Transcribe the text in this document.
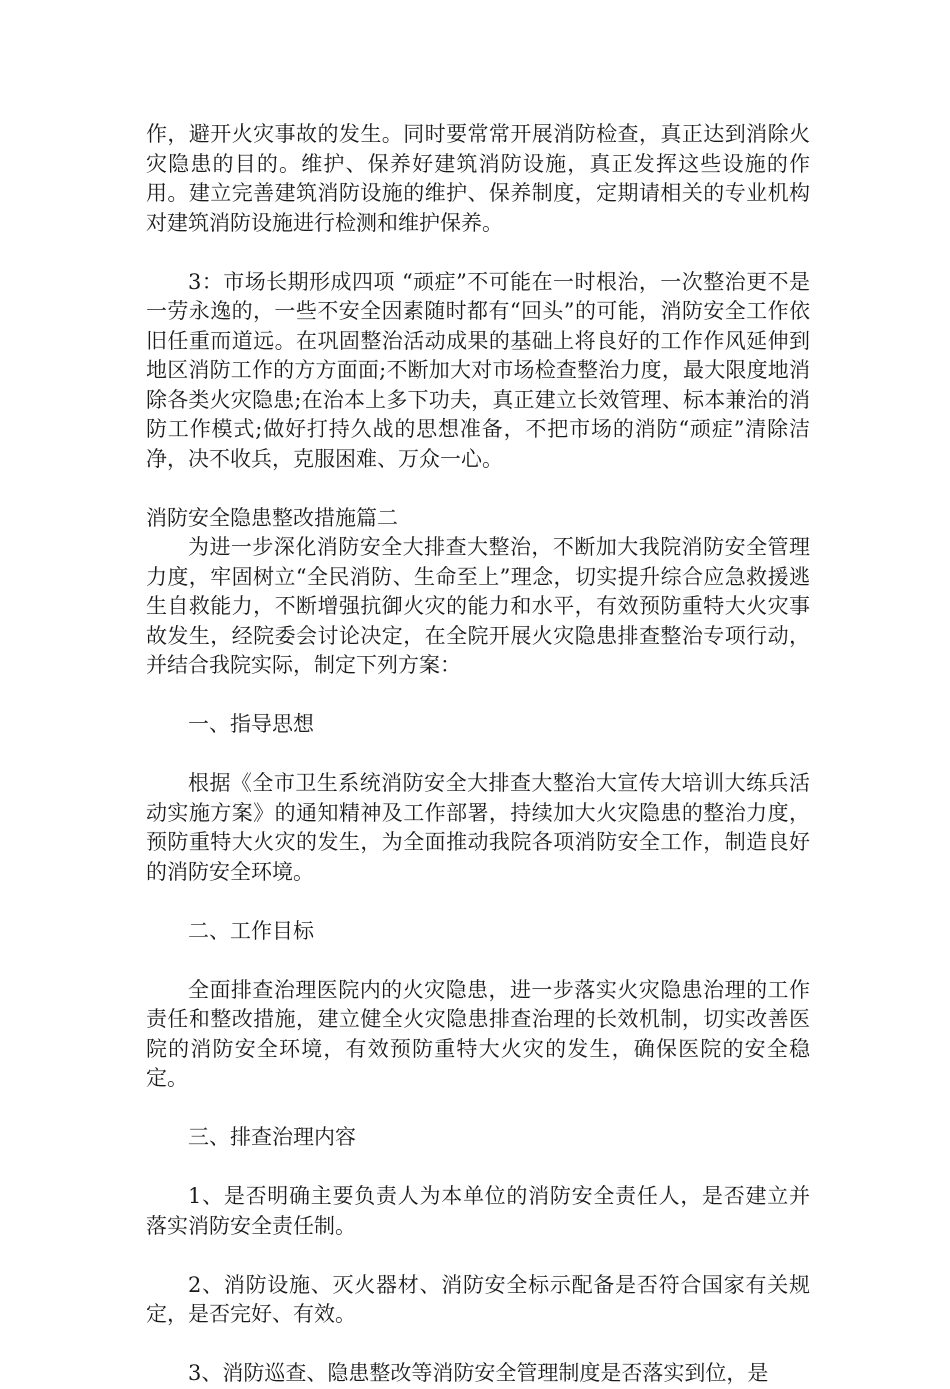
作，避开火灾事故的发生。同时要常常开展消防检查，真正达到消除火灾隐患的目的。维护、保养好建筑消防设施，真正发挥这些设施的作用。建立完善建筑消防设施的维护、保养制度，定期请相关的专业机构对建筑消防设施进行检测和维护保养。

3：市场长期形成四项 “顽症”不可能在一时根治，一次整治更不是一劳永逸的，一些不安全因素随时都有“回头”的可能，消防安全工作依旧任重而道远。在巩固整治活动成果的基础上将良好的工作作风延伸到地区消防工作的方方面面;不断加大对市场检查整治力度，最大限度地消除各类火灾隐患;在治本上多下功夫，真正建立长效管理、标本兼治的消防工作模式;做好打持久战的思想准备，不把市场的消防“顽症”清除洁净，决不收兵，克服困难、万众一心。

消防安全隐患整改措施篇二

为进一步深化消防安全大排查大整治，不断加大我院消防安全管理力度，牢固树立“全民消防、生命至上”理念，切实提升综合应急救援逃生自救能力，不断增强抗御火灾的能力和水平，有效预防重特大火灾事故发生，经院委会讨论决定，在全院开展火灾隐患排查整治专项行动，并结合我院实际，制定下列方案：

一、指导思想

根据《全市卫生系统消防安全大排查大整治大宣传大培训大练兵活动实施方案》的通知精神及工作部署，持续加大火灾隐患的整治力度，预防重特大火灾的发生，为全面推动我院各项消防安全工作，制造良好的消防安全环境。

二、工作目标

全面排查治理医院内的火灾隐患，进一步落实火灾隐患治理的工作责任和整改措施，建立健全火灾隐患排查治理的长效机制，切实改善医院的消防安全环境，有效预防重特大火灾的发生，确保医院的安全稳定。

三、排查治理内容

1、是否明确主要负责人为本单位的消防安全责任人，是否建立并落实消防安全责任制。

2、消防设施、灭火器材、消防安全标示配备是否符合国家有关规定，是否完好、有效。

3、消防巡查、隐患整改等消防安全管理制度是否落实到位，是
